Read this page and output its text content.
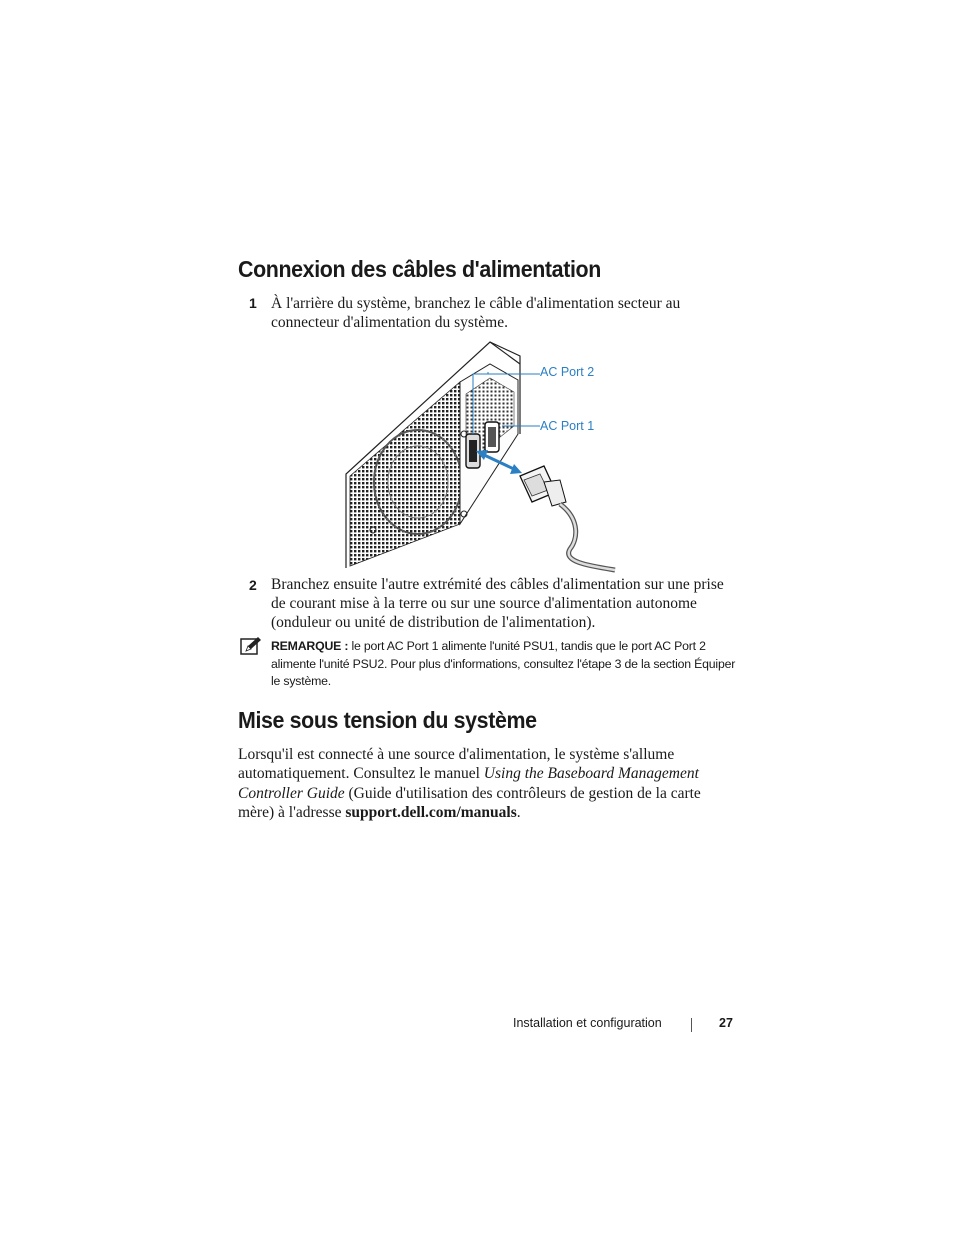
Connexion des câbles d'alimentation
1 À l'arrière du système, branchez le câble d'alimentation secteur au connecteur d'alimentation du système.
AC Port 2
AC Port 1
2 Branchez ensuite l'autre extrémité des câbles d'alimentation sur une prise de courant mise à la terre ou sur une source d'alimentation autonome (onduleur ou unité de distribution de l'alimentation).
REMARQUE : le port AC Port 1 alimente l'unité PSU1, tandis que le port AC Port 2 alimente l'unité PSU2. Pour plus d'informations, consultez l'étape 3 de la section Équiper le système.
Mise sous tension du système
Lorsqu'il est connecté à une source d'alimentation, le système s'allume automatiquement. Consultez le manuel Using the Baseboard Management Controller Guide (Guide d'utilisation des contrôleurs de gestion de la carte mère) à l'adresse support.dell.com/manuals.
Installation et configuration	27
